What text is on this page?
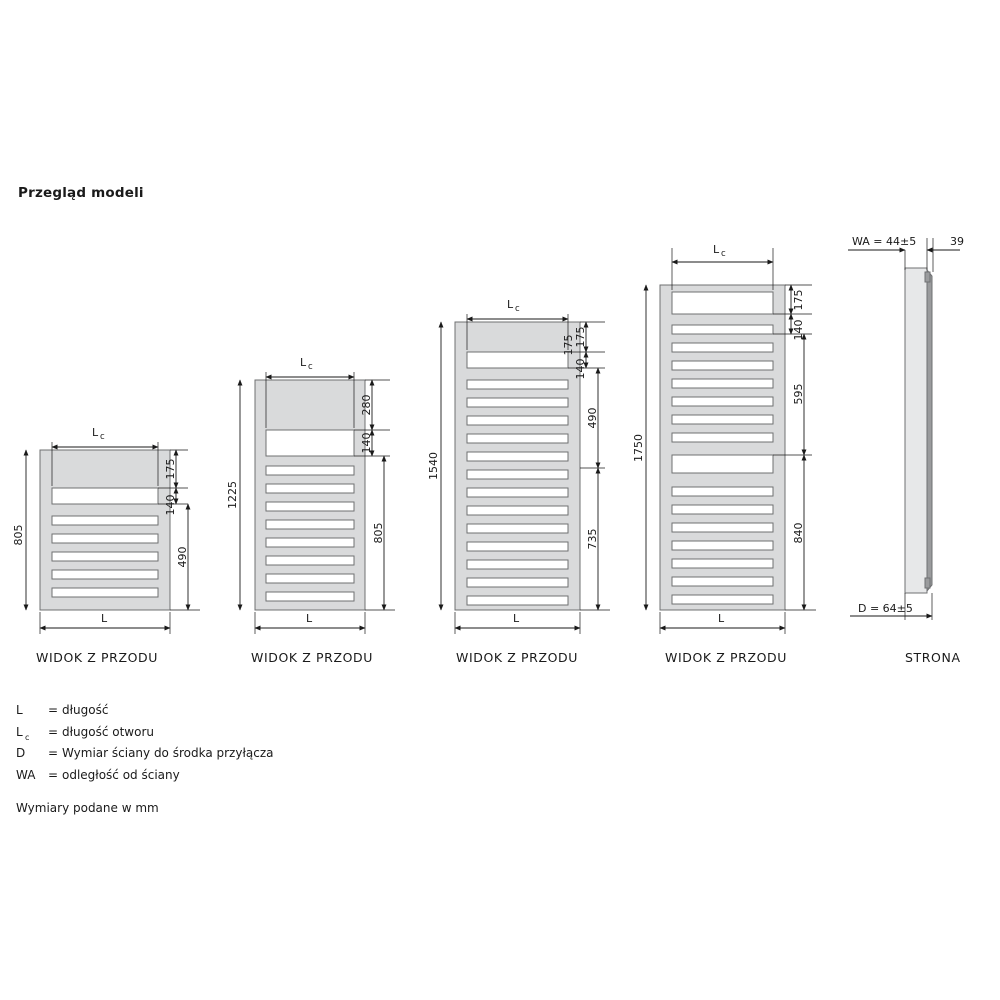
Przegląd modeli
L c
805
175
140
490
L
WIDOK Z PRZODU
L c
1225
280
140
805
L
WIDOK Z PRZODU
L c
1540
175
140
175
490
735
L
WIDOK Z PRZODU
L c
1750
175
140
595
840
L
WIDOK Z PRZODU
WA = 44±5	39
D = 64±5
STRONA
L = długość
L c = długość otworu
D = Wymiar ściany do środka przyłącza
WA = odległość od ściany
Wymiary podane w mm
